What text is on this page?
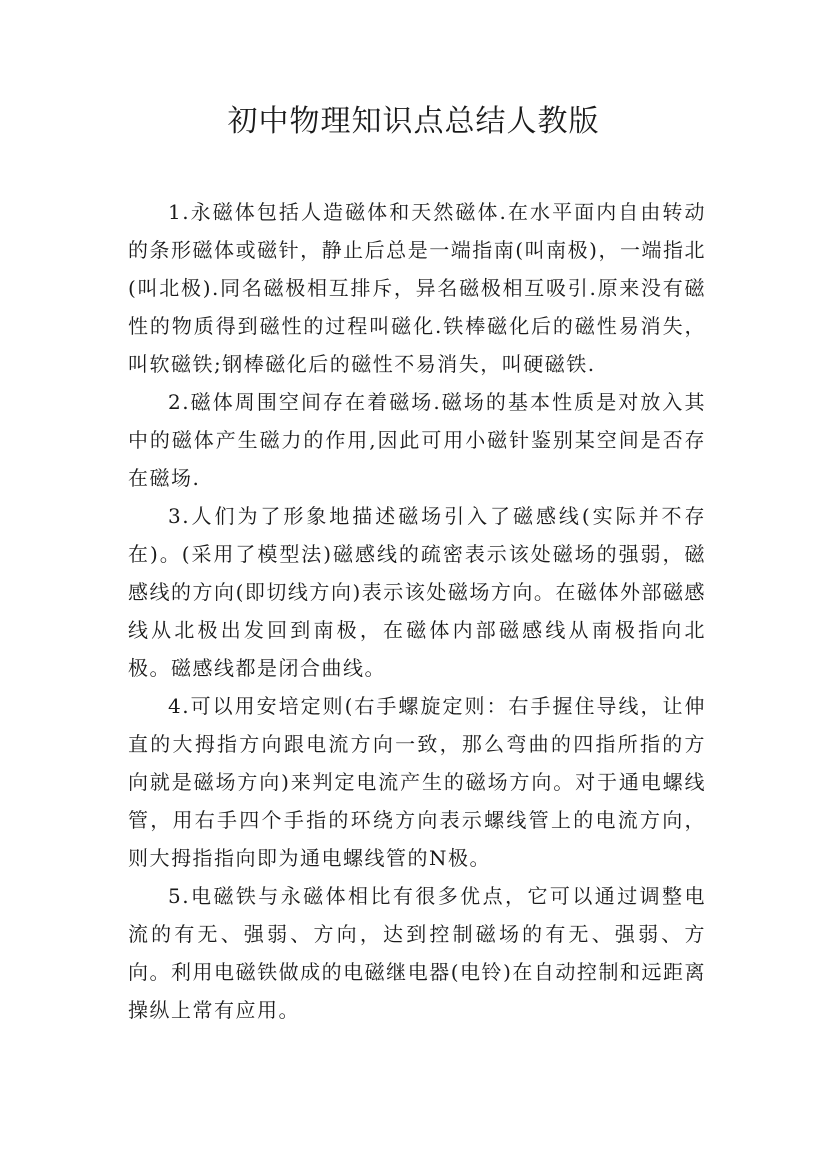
初中物理知识点总结人教版

1.永磁体包括人造磁体和天然磁体.在水平面内自由转动的条形磁体或磁针，静止后总是一端指南(叫南极)，一端指北(叫北极).同名磁极相互排斥，异名磁极相互吸引.原来没有磁性的物质得到磁性的过程叫磁化.铁棒磁化后的磁性易消失，叫软磁铁;钢棒磁化后的磁性不易消失，叫硬磁铁.

2.磁体周围空间存在着磁场.磁场的基本性质是对放入其中的磁体产生磁力的作用,因此可用小磁针鉴别某空间是否存在磁场.

3.人们为了形象地描述磁场引入了磁感线(实际并不存在)。(采用了模型法)磁感线的疏密表示该处磁场的强弱，磁感线的方向(即切线方向)表示该处磁场方向。在磁体外部磁感线从北极出发回到南极，在磁体内部磁感线从南极指向北极。磁感线都是闭合曲线。

4.可以用安培定则(右手螺旋定则：右手握住导线，让伸直的大拇指方向跟电流方向一致，那么弯曲的四指所指的方向就是磁场方向)来判定电流产生的磁场方向。对于通电螺线管，用右手四个手指的环绕方向表示螺线管上的电流方向，则大拇指指向即为通电螺线管的N极。

5.电磁铁与永磁体相比有很多优点，它可以通过调整电流的有无、强弱、方向，达到控制磁场的有无、强弱、方向。利用电磁铁做成的电磁继电器(电铃)在自动控制和远距离操纵上常有应用。
